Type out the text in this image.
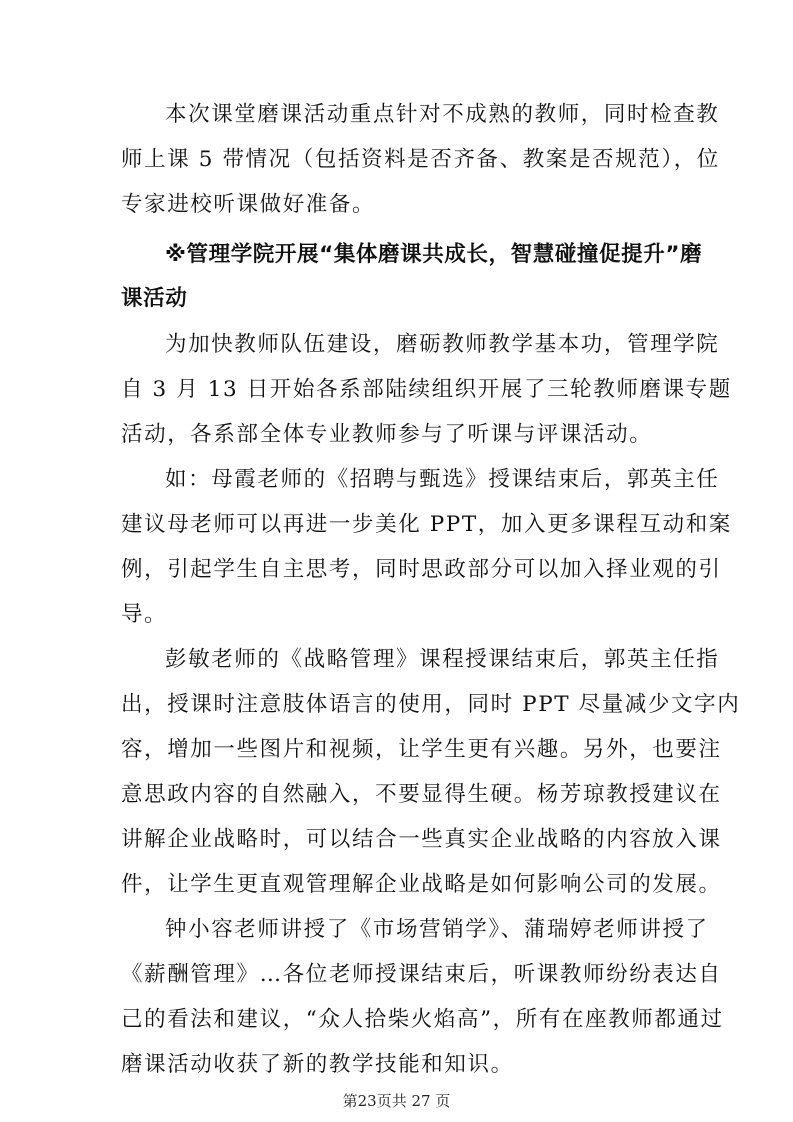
本次课堂磨课活动重点针对不成熟的教师，同时检查教
师上课 5 带情况（包括资料是否齐备、教案是否规范），位
专家进校听课做好准备。
※管理学院开展“集体磨课共成长，智慧碰撞促提升”磨
课活动
为加快教师队伍建设，磨砺教师教学基本功，管理学院
自 3 月 13 日开始各系部陆续组织开展了三轮教师磨课专题
活动，各系部全体专业教师参与了听课与评课活动。
如：母霞老师的《招聘与甄选》授课结束后，郭英主任
建议母老师可以再进一步美化 PPT，加入更多课程互动和案
例，引起学生自主思考，同时思政部分可以加入择业观的引
导。
彭敏老师的《战略管理》课程授课结束后，郭英主任指
出，授课时注意肢体语言的使用，同时 PPT 尽量减少文字内
容，增加一些图片和视频，让学生更有兴趣。另外，也要注
意思政内容的自然融入，不要显得生硬。杨芳琼教授建议在
讲解企业战略时，可以结合一些真实企业战略的内容放入课
件，让学生更直观管理解企业战略是如何影响公司的发展。
钟小容老师讲授了《市场营销学》、蒲瑞婷老师讲授了
《薪酬管理》…各位老师授课结束后，听课教师纷纷表达自
己的看法和建议，“众人拾柴火焰高”，所有在座教师都通过
磨课活动收获了新的教学技能和知识。
第23页共 27 页
